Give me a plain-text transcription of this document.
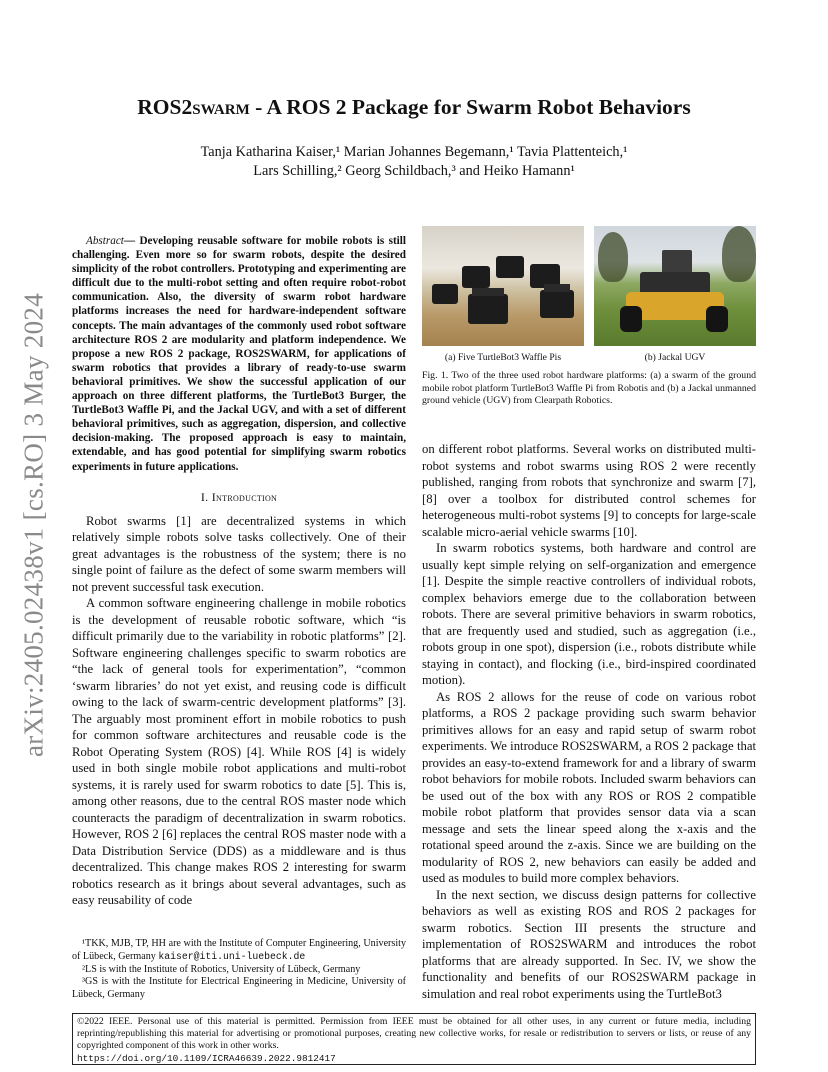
arXiv:2405.02438v1 [cs.RO] 3 May 2024
ROS2swarm - A ROS 2 Package for Swarm Robot Behaviors
Tanja Katharina Kaiser,¹ Marian Johannes Begemann,¹ Tavia Plattenteich,¹
Lars Schilling,² Georg Schildbach,³ and Heiko Hamann¹

Abstract— Developing reusable software for mobile robots is still challenging. Even more so for swarm robots, despite the desired simplicity of the robot controllers. Prototyping and experimenting are difficult due to the multi-robot setting and often require robot-robot communication. Also, the diversity of swarm robot hardware platforms increases the need for hardware-independent software concepts. The main advantages of the commonly used robot software architecture ROS 2 are modularity and platform independence. We propose a new ROS 2 package, ROS2SWARM, for applications of swarm robotics that provides a library of ready-to-use swarm behavioral primitives. We show the successful application of our approach on three different platforms, the TurtleBot3 Burger, the TurtleBot3 Waffle Pi, and the Jackal UGV, and with a set of different behavioral primitives, such as aggregation, dispersion, and collective decision-making. The proposed approach is easy to maintain, extendable, and has good potential for simplifying swarm robotics experiments in future applications.

I. Introduction

Robot swarms [1] are decentralized systems in which relatively simple robots solve tasks collectively. One of their great advantages is the robustness of the system; there is no single point of failure as the defect of some swarm members will not prevent successful task execution.

A common software engineering challenge in mobile robotics is the development of reusable robotic software, which “is difficult primarily due to the variability in robotic platforms” [2]. Software engineering challenges specific to swarm robotics are “the lack of general tools for experimentation”, “common ‘swarm libraries’ do not yet exist, and reusing code is difficult owing to the lack of swarm-centric development platforms” [3]. The arguably most prominent effort in mobile robotics to push for common software architectures and reusable code is the Robot Operating System (ROS) [4]. While ROS [4] is widely used in both single mobile robot applications and multi-robot systems, it is rarely used for swarm robotics to date [5]. This is, among other reasons, due to the central ROS master node which counteracts the paradigm of decentralization in swarm robotics. However, ROS 2 [6] replaces the central ROS master node with a Data Distribution Service (DDS) as a middleware and is thus decentralized. This change makes ROS 2 interesting for swarm robotics research as it brings about several advantages, such as easy reusability of code

¹TKK, MJB, TP, HH are with the Institute of Computer Engineering, University of Lübeck, Germany kaiser@iti.uni-luebeck.de

²LS is with the Institute of Robotics, University of Lübeck, Germany

³GS is with the Institute for Electrical Engineering in Medicine, University of Lübeck, Germany

(a) Five TurtleBot3 Waffle Pis	(b) Jackal UGV
Fig. 1. Two of the three used robot hardware platforms: (a) a swarm of the ground mobile robot platform TurtleBot3 Waffle Pi from Robotis and (b) a Jackal unmanned ground vehicle (UGV) from Clearpath Robotics.

on different robot platforms. Several works on distributed multi-robot systems and robot swarms using ROS 2 were recently published, ranging from robots that synchronize and swarm [7], [8] over a toolbox for distributed control schemes for heterogeneous multi-robot systems [9] to concepts for large-scale scalable micro-aerial vehicle swarms [10].

In swarm robotics systems, both hardware and control are usually kept simple relying on self-organization and emergence [1]. Despite the simple reactive controllers of individual robots, complex behaviors emerge due to the collaboration between robots. There are several primitive behaviors in swarm robotics, that are frequently used and studied, such as aggregation (i.e., robots group in one spot), dispersion (i.e., robots distribute while staying in contact), and flocking (i.e., bird-inspired coordinated motion).

As ROS 2 allows for the reuse of code on various robot platforms, a ROS 2 package providing such swarm behavior primitives allows for an easy and rapid setup of swarm robot experiments. We introduce ROS2SWARM, a ROS 2 package that provides an easy-to-extend framework for and a library of swarm robot behaviors for mobile robots. Included swarm behaviors can be used out of the box with any ROS or ROS 2 compatible mobile robot platform that provides sensor data via a scan message and sets the linear speed along the x-axis and the rotational speed around the z-axis. Since we are building on the modularity of ROS 2, new behaviors can easily be added and used as modules to build more complex behaviors.

In the next section, we discuss design patterns for collective behaviors as well as existing ROS and ROS 2 packages for swarm robotics. Section III presents the structure and implementation of ROS2SWARM and introduces the robot platforms that are already supported. In Sec. IV, we show the functionality and benefits of our ROS2SWARM package in simulation and real robot experiments using the TurtleBot3

©2022 IEEE. Personal use of this material is permitted. Permission from IEEE must be obtained for all other uses, in any current or future media, including reprinting/republishing this material for advertising or promotional purposes, creating new collective works, for resale or redistribution to servers or lists, or reuse of any copyrighted component of this work in other works.
https://doi.org/10.1109/ICRA46639.2022.9812417
